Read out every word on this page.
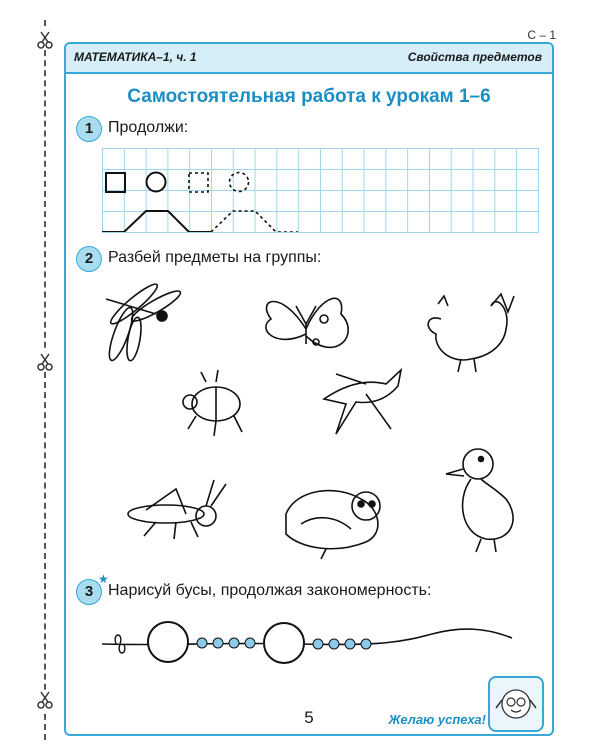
С – 1
МАТЕМАТИКА–1, ч. 1	Свойства предметов
Самостоятельная работа к урокам 1–6
1 Продолжи:
2 Разбей предметы на группы:
3
★
Нарисуй бусы, продолжая закономерность:
5	Желаю успеха!
